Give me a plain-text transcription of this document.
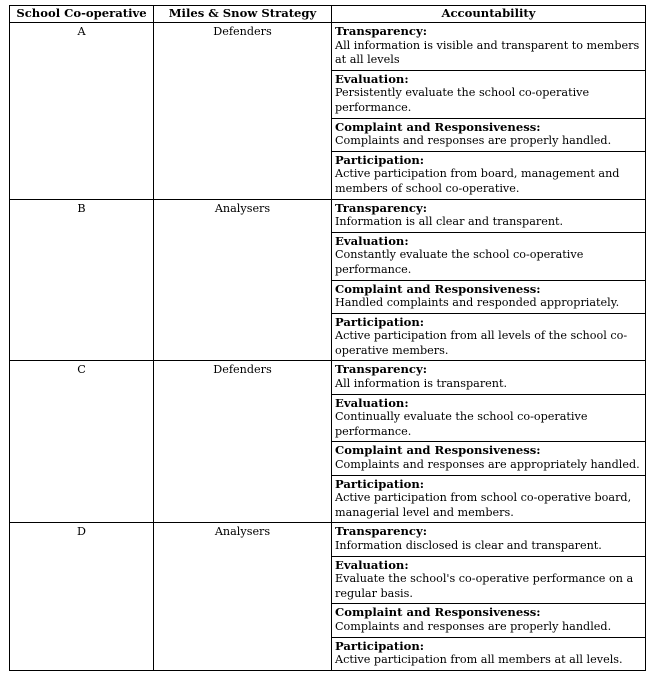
School Co-operative	Miles & Snow Strategy	Accountability
A	Defenders	Transparency:
All information is visible and transparent to members at all levels

		Evaluation:
Persistently evaluate the school co-operative performance.

		Complaint and Responsiveness:
Complaints and responses are properly handled.

		Participation:
Active participation from board, management and members of school co-operative.

B	Analysers	Transparency:
Information is all clear and transparent.

		Evaluation:
Constantly evaluate the school co-operative performance.

		Complaint and Responsiveness:
Handled complaints and responded appropriately.

		Participation:
Active participation from all levels of the school co-operative members.

C	Defenders	Transparency:
All information is transparent.

		Evaluation:
Continually evaluate the school co-operative performance.

		Complaint and Responsiveness:
Complaints and responses are appropriately handled.

		Participation:
Active participation from school co-operative board, managerial level and members.

D	Analysers	Transparency:
Information disclosed is clear and transparent.

		Evaluation:
Evaluate the school's co-operative performance on a regular basis.

		Complaint and Responsiveness:
Complaints and responses are properly handled.

		Participation:
Active participation from all members at all levels.
